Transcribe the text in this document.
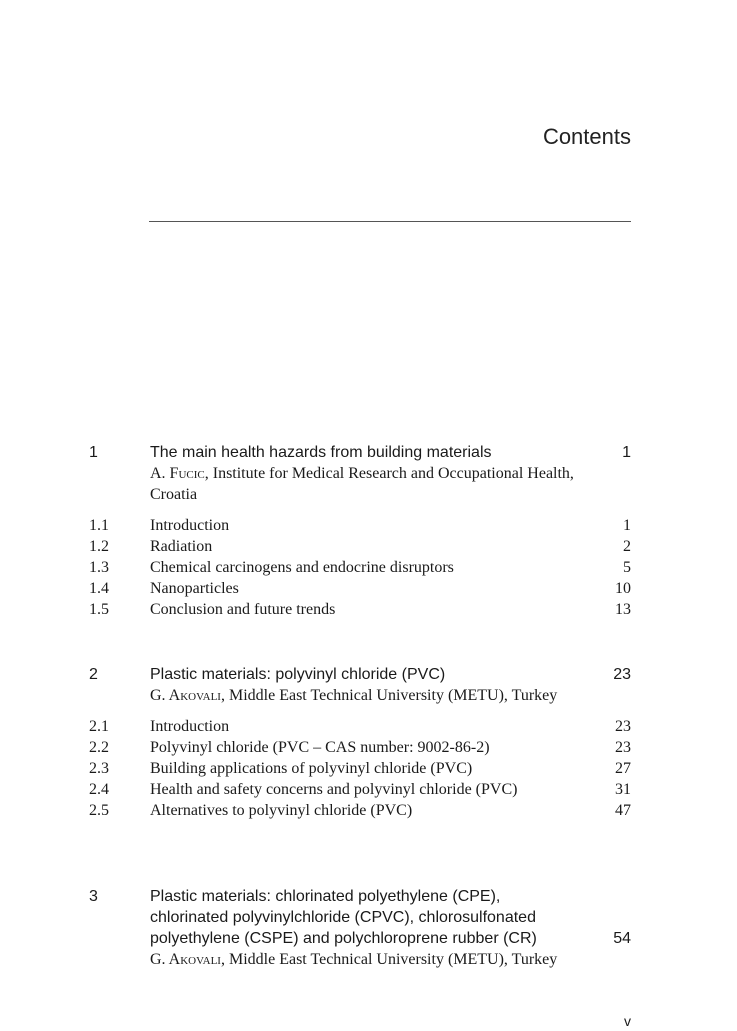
Contents
1	The main health hazards from building materials	1
A. Fucic, Institute for Medical Research and Occupational Health, Croatia
1.1	Introduction	1
1.2	Radiation	2
1.3	Chemical carcinogens and endocrine disruptors	5
1.4	Nanoparticles	10
1.5	Conclusion and future trends	13
2	Plastic materials: polyvinyl chloride (PVC)	23
G. Akovali, Middle East Technical University (METU), Turkey
2.1	Introduction	23
2.2	Polyvinyl chloride (PVC – CAS number: 9002-86-2)	23
2.3	Building applications of polyvinyl chloride (PVC)	27
2.4	Health and safety concerns and polyvinyl chloride (PVC)	31
2.5	Alternatives to polyvinyl chloride (PVC)	47
3	Plastic materials: chlorinated polyethylene (CPE),
chlorinated polyvinylchloride (CPVC), chlorosulfonated
polyethylene (CSPE) and polychloroprene rubber (CR)	54
G. Akovali, Middle East Technical University (METU), Turkey
v
